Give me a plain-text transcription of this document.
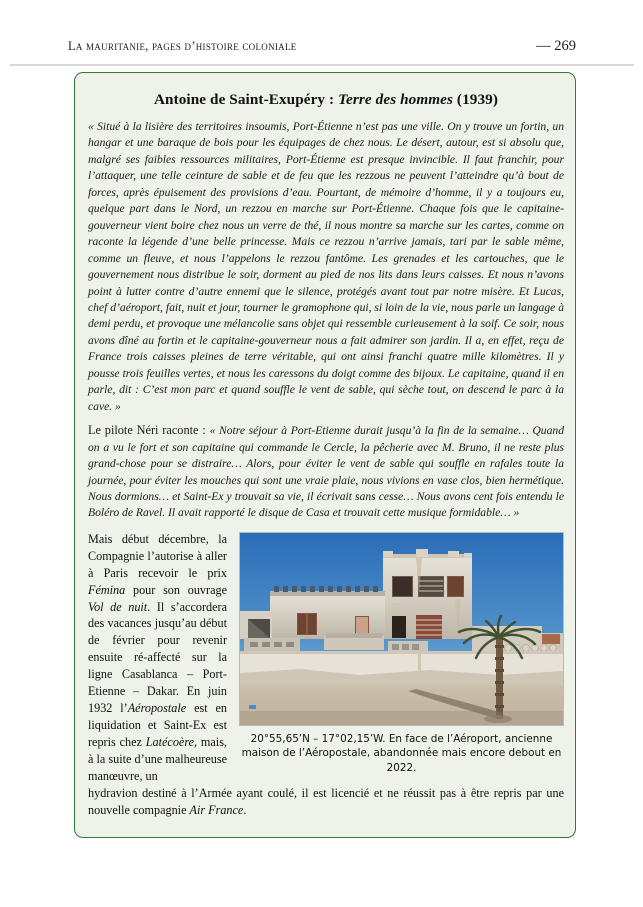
La mauritanie, pages d’histoire coloniale	— 269
Antoine de Saint-Exupéry : Terre des hommes (1939)

« Situé à la lisière des territoires insoumis, Port-Étienne n’est pas une ville. On y trouve un fortin, un hangar et une baraque de bois pour les équipages de chez nous. Le désert, autour, est si absolu que, malgré ses faibles ressources militaires, Port-Étienne est presque invincible. Il faut franchir, pour l’attaquer, une telle ceinture de sable et de feu que les rezzous ne peuvent l’atteindre qu’à bout de forces, après épuisement des provisions d’eau. Pourtant, de mémoire d’homme, il y a toujours eu, quelque part dans le Nord, un rezzou en marche sur Port-Étienne. Chaque fois que le capitaine-gouverneur vient boire chez nous un verre de thé, il nous montre sa marche sur les cartes, comme on raconte la légende d’une belle princesse. Mais ce rezzou n’arrive jamais, tari par le sable même, comme un fleuve, et nous l’appelons le rezzou fantôme. Les grenades et les cartouches, que le gouvernement nous distribue le soir, dorment au pied de nos lits dans leurs caisses. Et nous n’avons point à lutter contre d’autre ennemi que le silence, protégés avant tout par notre misère. Et Lucas, chef d’aéroport, fait, nuit et jour, tourner le gramophone qui, si loin de la vie, nous parle un langage à demi perdu, et provoque une mélancolie sans objet qui ressemble curieusement à la soif. Ce soir, nous avons dîné au fortin et le capitaine-gouverneur nous a fait admirer son jardin. Il a, en effet, reçu de France trois caisses pleines de terre véritable, qui ont ainsi franchi quatre mille kilomètres. Il y pousse trois feuilles vertes, et nous les caressons du doigt comme des bijoux. Le capitaine, quand il en parle, dit : C’est mon parc et quand souffle le vent de sable, qui sèche tout, on descend le parc à la cave. »

Le pilote Néri raconte : « Notre séjour à Port-Etienne durait jusqu’à la fin de la semaine… Quand on a vu le fort et son capitaine qui commande le Cercle, la pêcherie avec M. Bruno, il ne reste plus grand-chose pour se distraire… Alors, pour éviter le vent de sable qui souffle en rafales toute la journée, pour éviter les mouches qui sont une vraie plaie, nous vivions en vase clos, bien hermétique. Nous dormions… et Saint-Ex y trouvait sa vie, il écrivait sans cesse… Nous avons cent fois entendu le Boléro de Ravel. Il avait rapporté le disque de Casa et trouvait cette musique formidable… »

20°55,65’N – 17°02,15’W. En face de l’Aéroport, ancienne maison de l’Aéropostale, abandonnée mais encore debout en 2022.
Mais début décembre, la Compagnie l’autorise à aller à Paris recevoir le prix Fémina pour son ouvrage Vol de nuit. Il s’accordera des vacances jusqu’au début de février pour revenir ensuite ré-affecté sur la ligne Casablanca – Port-Etienne – Dakar. En juin 1932 l’Aéropostale est en liquidation et Saint-Ex est repris chez Latécoère, mais, à la suite d’une malheureuse manœuvre, un
hydravion destiné à l’Armée ayant coulé, il est licencié et ne réussit pas à être repris par une nouvelle compagnie Air France.
